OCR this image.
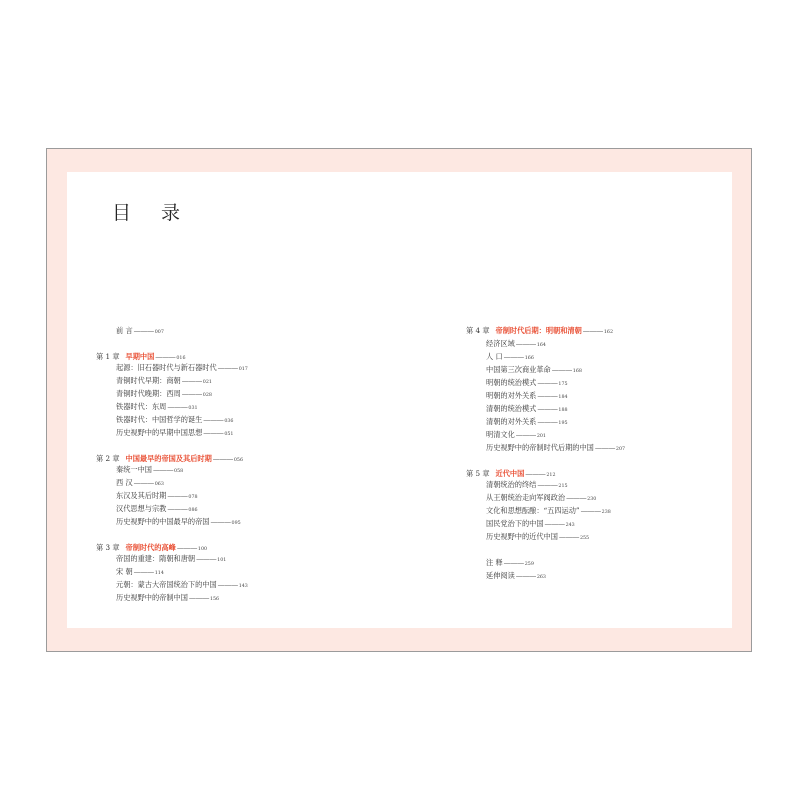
目 录
前 言 ——— 007
第 1 章 早期中国 ——— 016
起源：旧石器时代与新石器时代 ——— 017
青铜时代早期：商朝 ——— 021
青铜时代晚期：西周 ——— 028
铁器时代：东周 ——— 031
铁器时代：中国哲学的诞生 ——— 036
历史视野中的早期中国思想 ——— 051
第 2 章 中国最早的帝国及其后时期 ——— 056
秦统一中国 ——— 058
西 汉 ——— 063
东汉及其后时期 ——— 078
汉代思想与宗教 ——— 086
历史视野中的中国最早的帝国 ——— 095
第 3 章 帝制时代的高峰 ——— 100
帝国的重建：隋朝和唐朝 ——— 101
宋 朝 ——— 114
元朝：蒙古大帝国统治下的中国 ——— 143
历史视野中的帝制中国 ——— 156
第 4 章 帝制时代后期：明朝和清朝 ——— 162
经济区域 ——— 164
人 口 ——— 166
中国第三次商业革命 ——— 168
明朝的统治模式 ——— 175
明朝的对外关系 ——— 184
清朝的统治模式 ——— 188
清朝的对外关系 ——— 195
明清文化 ——— 201
历史视野中的帝制时代后期的中国 ——— 207
第 5 章 近代中国 ——— 212
清朝统治的终结 ——— 215
从王朝统治走向军阀政治 ——— 230
文化和思想酝酿：“五四运动” ——— 238
国民党治下的中国 ——— 243
历史视野中的近代中国 ——— 255
注 释 ——— 259
延伸阅读 ——— 263
